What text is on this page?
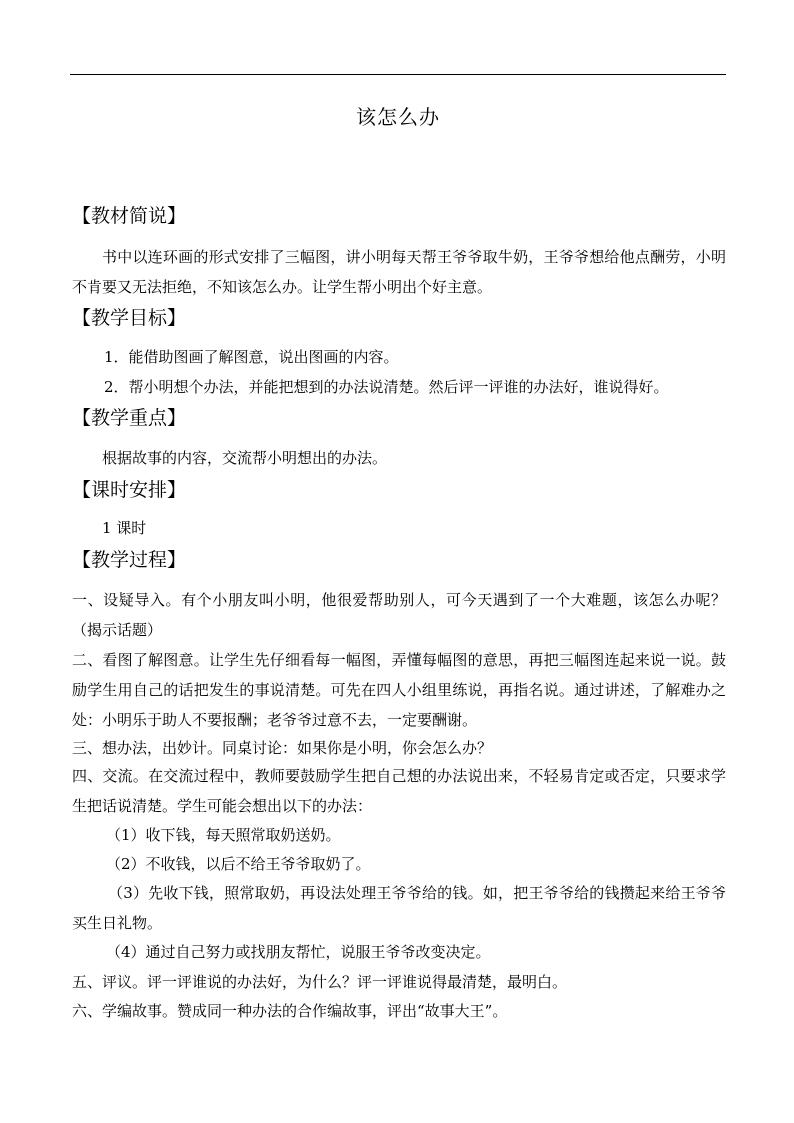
该怎么办
【教材简说】
书中以连环画的形式安排了三幅图，讲小明每天帮王爷爷取牛奶，王爷爷想给他点酬劳，小明不肯要又无法拒绝，不知该怎么办。让学生帮小明出个好主意。
【教学目标】
1．能借助图画了解图意，说出图画的内容。
2．帮小明想个办法，并能把想到的办法说清楚。然后评一评谁的办法好，谁说得好。
【教学重点】
根据故事的内容，交流帮小明想出的办法。
【课时安排】
1 课时
【教学过程】
一、设疑导入。有个小朋友叫小明，他很爱帮助别人，可今天遇到了一个大难题，该怎么办呢？（揭示话题）
二、看图了解图意。让学生先仔细看每一幅图，弄懂每幅图的意思，再把三幅图连起来说一说。鼓励学生用自己的话把发生的事说清楚。可先在四人小组里练说，再指名说。通过讲述，了解难办之处：小明乐于助人不要报酬；老爷爷过意不去，一定要酬谢。
三、想办法，出妙计。同桌讨论：如果你是小明，你会怎么办？
四、交流。在交流过程中，教师要鼓励学生把自己想的办法说出来，不轻易肯定或否定，只要求学生把话说清楚。学生可能会想出以下的办法：
（1）收下钱，每天照常取奶送奶。
（2）不收钱，以后不给王爷爷取奶了。
（3）先收下钱，照常取奶，再设法处理王爷爷给的钱。如，把王爷爷给的钱攒起来给王爷爷买生日礼物。
（4）通过自己努力或找朋友帮忙，说服王爷爷改变决定。
五、评议。评一评谁说的办法好，为什么？评一评谁说得最清楚，最明白。
六、学编故事。赞成同一种办法的合作编故事，评出“故事大王”。
